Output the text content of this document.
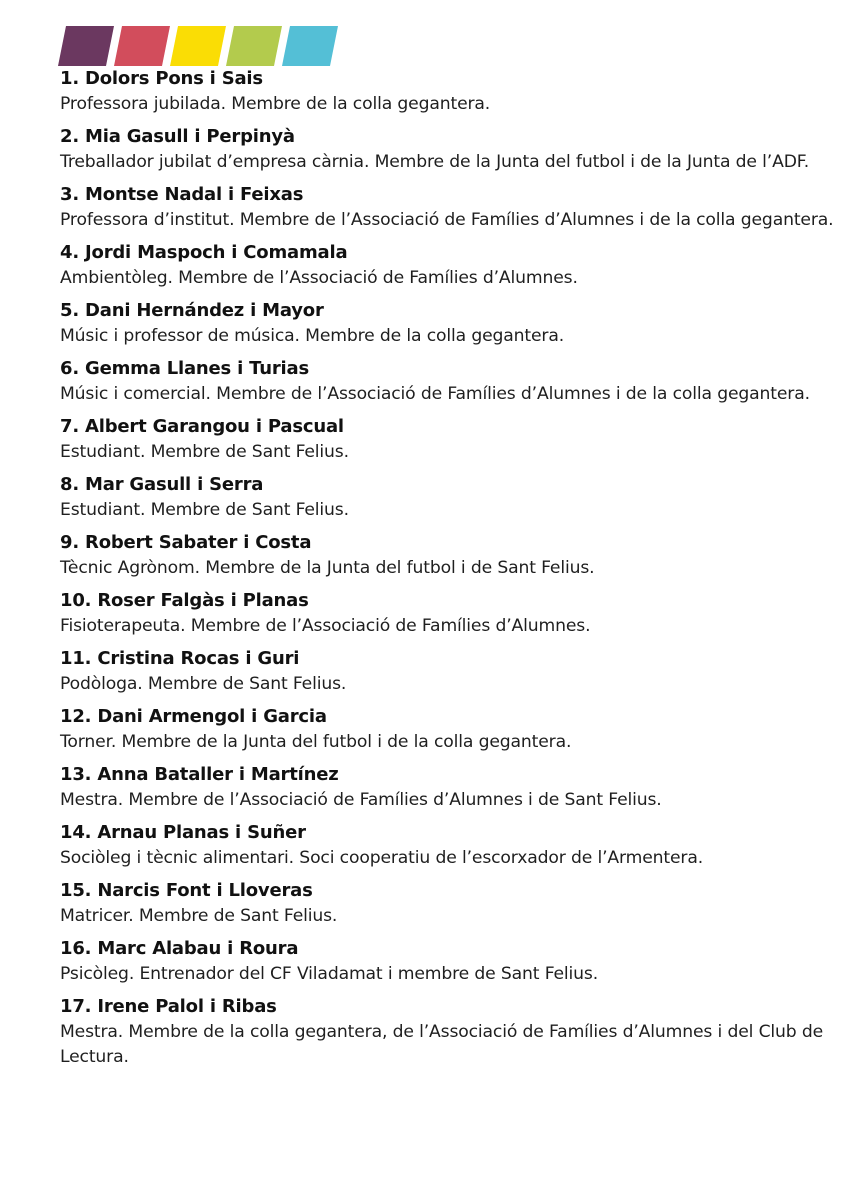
1. Dolors Pons i Sais
Professora jubilada. Membre de la colla gegantera.
2. Mia Gasull i Perpinyà
Treballador jubilat d’empresa càrnia. Membre de la Junta del futbol i de la Junta de l’ADF.
3. Montse Nadal i Feixas
Professora d’institut. Membre de l’Associació de Famílies d’Alumnes i de la colla gegantera.
4. Jordi Maspoch i Comamala
Ambientòleg. Membre de l’Associació de Famílies d’Alumnes.
5. Dani Hernández i Mayor
Músic i professor de música. Membre de la colla gegantera.
6. Gemma Llanes i Turias
Músic i comercial. Membre de l’Associació de Famílies d’Alumnes i de la colla gegantera.
7. Albert Garangou i Pascual
Estudiant. Membre de Sant Felius.
8. Mar Gasull i Serra
Estudiant. Membre de Sant Felius.
9. Robert Sabater i Costa
Tècnic Agrònom. Membre de la Junta del futbol i de Sant Felius.
10. Roser Falgàs i Planas
Fisioterapeuta. Membre de l’Associació de Famílies d’Alumnes.
11. Cristina Rocas i Guri
Podòloga. Membre de Sant Felius.
12. Dani Armengol i Garcia
Torner. Membre de la Junta del futbol i de la colla gegantera.
13. Anna Bataller i Martínez
Mestra. Membre de l’Associació de Famílies d’Alumnes i de Sant Felius.
14. Arnau Planas i Suñer
Sociòleg i tècnic alimentari. Soci cooperatiu de l’escorxador de l’Armentera.
15. Narcis Font i Lloveras
Matricer. Membre de Sant Felius.
16. Marc Alabau i Roura
Psicòleg. Entrenador del CF Viladamat i membre de Sant Felius.
17. Irene Palol i Ribas
Mestra. Membre de la colla gegantera, de l’Associació de Famílies d’Alumnes i del Club de Lectura.
